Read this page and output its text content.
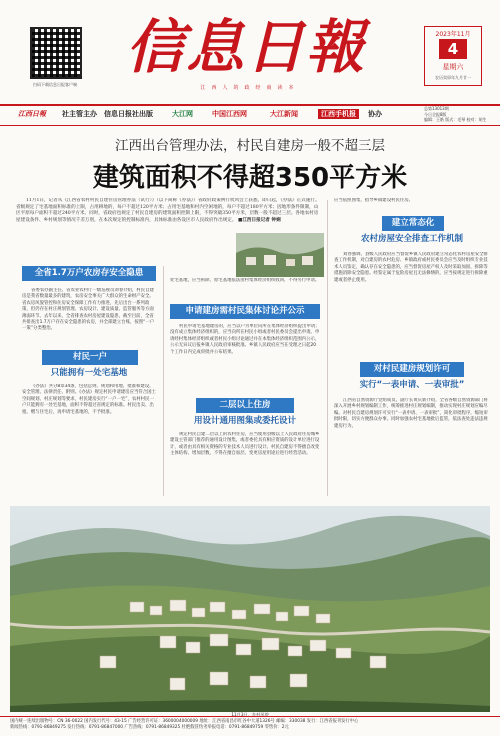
扫码下载信息日报客户端
信息日報
江西人的政经商读本
2023年11月
4
星期六
农历癸卯年九月廿一
江西日報 社主管主办 信息日报社出版	大江网	中国江西网	大江新闻	江西手机报	协办
总第13013期
今日全报8版
编辑：王皓 版式：毛琴 校对：胡生
江西出台管理办法，村民自建房一般不超三层
建筑面积不得超350平方米
11月1日，记者从《江西省农村村民自建住房管理办法（试行）》（以下简称《办法》）省政府政策例行吹风会上获悉，即日起，《办法》正式施行。省级规定了宅基地面积标准的上限，占用耕地的，每户不超过120平方米；占用宅基地和村内空闲地的，每户不超过180平方米；因地形条件限制，山区平原每户面积不超过240平方米。同时，省政府也规定了村民自建房的建筑面积控制上限，不得突破350平方米，层数一般不超过三层。各地农村房屋建设条件、乡村规划等情况千差万别，在本次规定的控制标准内，具体标准由各设区市人民政府作出规定。 ■江西日报记者 钟娴
全省1.7万户农房存安全隐患
省委农办副主任、省农业农村厅一级巡视员刘春介绍，村民自建房是我省数量最多的建筑，农房安全事关广大群众的生命财产安全。省农房风貌管控和住房安全保障工作有力推进，先后出台一系列政策，但仍存在村庄规划管理、农房设计、建设质量、监管服务等方面薄弱环节。去年以来，全省排查农村房屋建设隐患，截至目前，全省共排查出1.7万户存在安全隐患的农房，并全部建立台账，按照“一户一策”分类整治。
村民一户
只能拥有一处宅基地
《办法》共分8章34条，包括总则、规划和用地、批准和建设、安全管理、法律责任、附则。《办法》规定村民申请建房应当符合国土空间规划、村庄规划等要求，村民建房实行“一户一宅”，农村村民一户只能拥有一处宅基地，面积不得超过省规定的标准。村民出卖、出租、赠与住宅后，再申请宅基地的，不予批准。
处宅基地，应当拆除，原宅基地依法由村集体经济组织收回，不得另行申请。
申请建房需村民集体讨论并公示
村民申请宅基地建房的，应当以户为单位向所在集体经济组织提出申请；没有成立集体经济组织的，应当向所在村民小组或者村民委员会提出申请。申请经村集体经济组织或者村民小组讨论通过并在本集体经济组织范围内公示，公示无异议后报乡镇人民政府审核批准。乡镇人民政府应当在受理之日起20个工作日内完成审批并公布结果。
二层以上住房
用设计通用图集或委托设计
规定村民自建二层以上的农村住房，应当使用县级以上人民政府住房城乡建设主管部门推荐的通用设计图集，或者委托具有相应资质的设计单位进行设计，或者由具有相关资格的专业技术人员进行设计。村民自建房不得擅自改变主体结构、增加层数，不得在擅自加层、变更房屋用途后进行经营活动。
应当依照图集，指导乡镇建设村民住房。
建立常态化
农村房屋安全排查工作机制
刘春强调，县级人民政府应当督促乡镇人民政府建立常态化农村房屋安全排查工作机制，对自建房的农村危房、乡镇政府或村民委员会应当及时组织专业技术人员鉴定，确认存在安全隐患的，应当督促房屋产权人及时采取加固、拆除等措施消除安全隐患。经鉴定属于危险房屋且无法修缮的，应当按规定进行拆除重建或者停止使用。
对村民建房规划许可
实行“一表申请、一表审批”
江西省自然资源厅党组成员、副厅长黄庆新介绍，全省各级自然资源部门将深入开展乡村规划编制工作，统筹推进村庄规划编制，推动实现村庄规划应编尽编。对村民自建房规划许可实行“一表申请、一表审批”，简化审批程序，缩短审批时限，切实方便群众办事。同时加强农村宅基地批后监管，依法查处违法违规建房行为。
11月3日，乡村风貌
国内统一连续出版物号：CN 36-0022 国内发行代号：43-15 广告经营许可证：3600004000009 地址：江西省南昌市红谷中大道1326号 邮编：330038 发行：江西省报刊发行中心
新闻热线：0791-86849275 发行热线：0791-86847000 广告热线：0791-86849325 杜绝假冒伪劣举报电话：0791-86849759 零售价：2元
